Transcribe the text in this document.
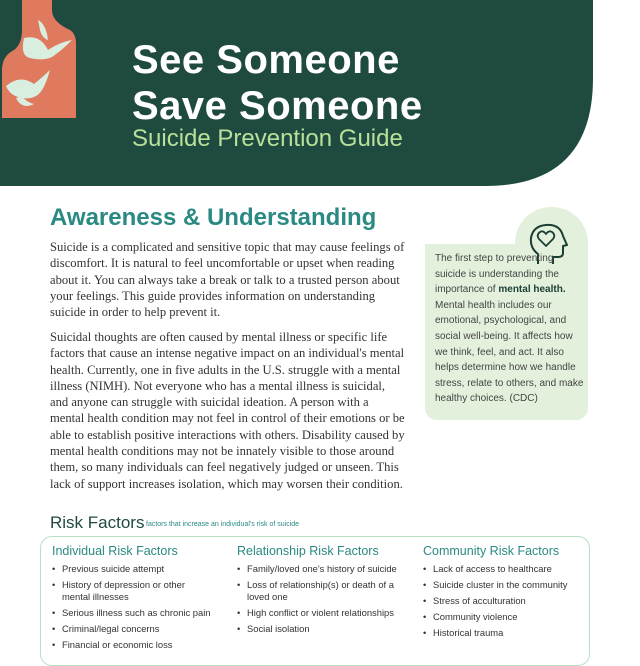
See Someone
Save Someone
Suicide Prevention Guide
Awareness & Understanding

Suicide is a complicated and sensitive topic that may cause feelings of discomfort. It is natural to feel uncomfortable or upset when reading about it. You can always take a break or talk to a trusted person about your feelings. This guide provides information on understanding suicide in order to help prevent it.

Suicidal thoughts are often caused by mental illness or specific life factors that cause an intense negative impact on an individual's mental health. Currently, one in five adults in the U.S. struggle with a mental illness (NIMH). Not everyone who has a mental illness is suicidal, and anyone can struggle with suicidal ideation. A person with a mental health condition may not feel in control of their emotions or be able to establish positive interactions with others. Disability caused by mental health conditions may not be innately visible to those around them, so many individuals can feel negatively judged or unseen. This lack of support increases isolation, which may worsen their condition.

The first step to preventing suicide is understanding the importance of mental health. Mental health includes our emotional, psychological, and social well-being. It affects how we think, feel, and act. It also helps determine how we handle stress, relate to others, and make healthy choices. (CDC)

Risk Factors factors that increase an individual's risk of suicide
Individual Risk Factors
• Previous suicide attempt
• History of depression or other mental illnesses
• Serious illness such as chronic pain
• Criminal/legal concerns
• Financial or economic loss
Relationship Risk Factors
• Family/loved one's history of suicide
• Loss of relationship(s) or death of a loved one
• High conflict or violent relationships
• Social isolation
Community Risk Factors
• Lack of access to healthcare
• Suicide cluster in the community
• Stress of acculturation
• Community violence
• Historical trauma
